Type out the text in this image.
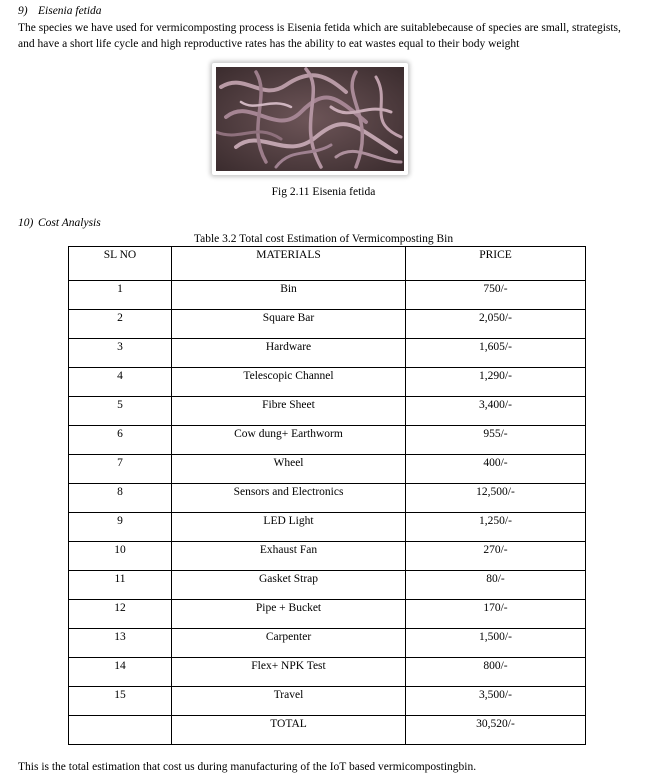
9) Eisenia fetida
The species we have used for vermicomposting process is Eisenia fetida which are suitablebecause of species are small, strategists, and have a short life cycle and high reproductive rates has the ability to eat wastes equal to their body weight
Fig 2.11 Eisenia fetida
10) Cost Analysis
Table 3.2 Total cost Estimation of Vermicomposting Bin
SL NO	MATERIALS	PRICE
1	Bin	750/-
2	Square Bar	2,050/-
3	Hardware	1,605/-
4	Telescopic Channel	1,290/-
5	Fibre Sheet	3,400/-
6	Cow dung+ Earthworm	955/-
7	Wheel	400/-
8	Sensors and Electronics	12,500/-
9	LED Light	1,250/-
10	Exhaust Fan	270/-
11	Gasket Strap	80/-
12	Pipe + Bucket	170/-
13	Carpenter	1,500/-
14	Flex+ NPK Test	800/-
15	Travel	3,500/-
	TOTAL	30,520/-
This is the total estimation that cost us during manufacturing of the IoT based vermicompostingbin.
